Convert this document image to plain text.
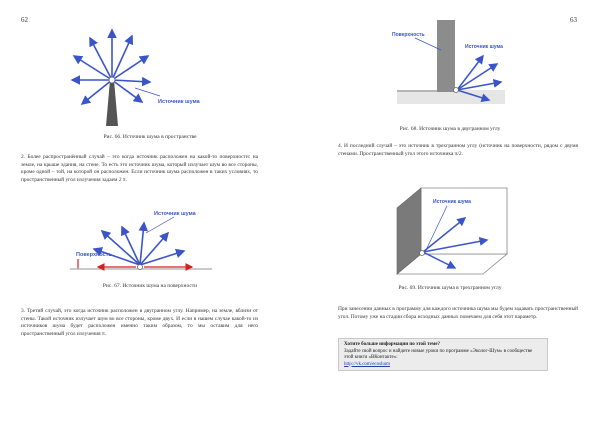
62
Источник шума
Рис. 66. Источник шума в пространстве

2. Более распространённый случай – это когда источник расположен на какой-то поверхности: на земле, на крыше здания, на стене. То есть это источник шума, который излучает шум во все стороны, кроме одной – той, на которой он расположен. Если источник шума расположен в таких условиях, то пространственный угол излучения задаем 2 π.

Источник шума
Поверхность
Рис. 67. Источник шума на поверхности

3. Третий случай, это когда источник расположен в двугранном углу. Например, на земле, вблизи от стены. Такой источник излучает шум во все стороны, кроме двух. И если в нашем случае какой-то из источников шума будет расположен именно таким образом, то мы оставим для него пространственный угол излучения π.

63
Поверхность
Источник шума
Рис. 68. Источник шума в двугранном углу

4. И последний случай – это источник в трехгранном углу (источник на поверхности, рядом с двумя стенами. Пространственный угол этого источника π/2.

Источник шума
Рис. 69. Источник шума в трехгранном углу

При занесении данных в программу для каждого источника шума мы будем задавать пространственный угол. Потому уже на стадии сбора исходных данных помечаем для себя этот параметр.

Хотите больше информации по этой теме?
Задайте свой вопрос и найдите новые уроки по программе «Эколог-Шум» в сообществе этой книги «ВКонтакте»:
http://vk.com/ecoshum
